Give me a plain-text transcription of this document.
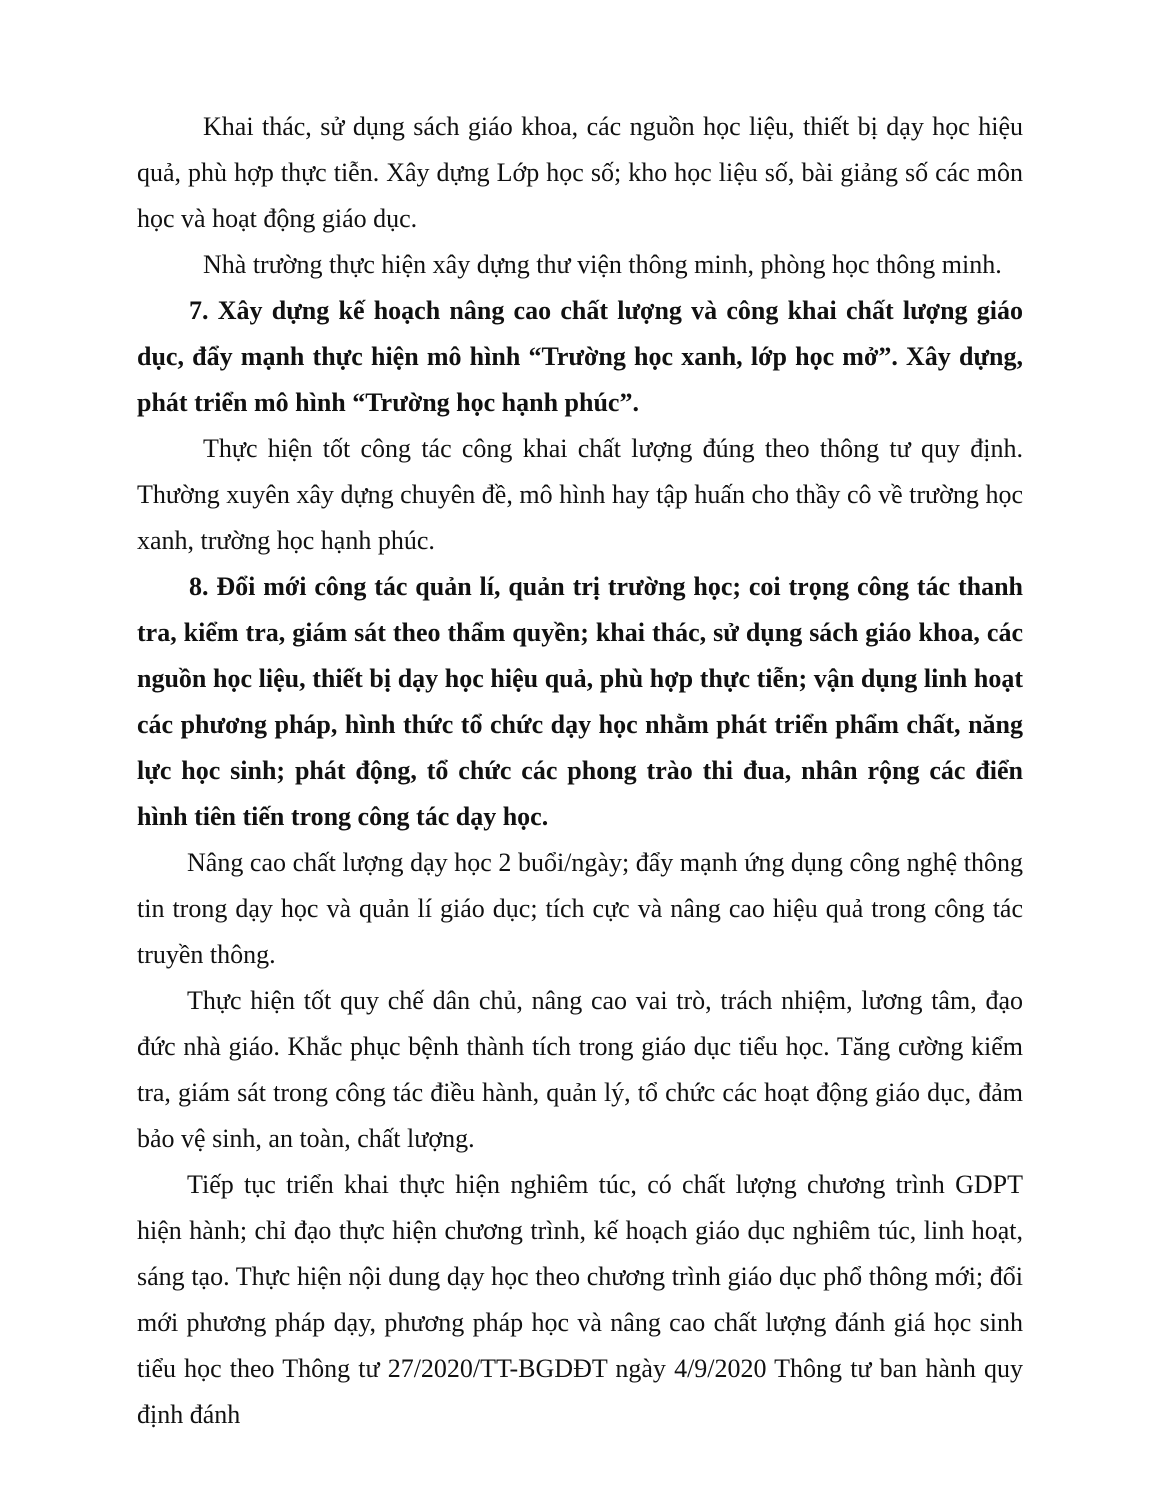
Khai thác, sử dụng sách giáo khoa, các nguồn học liệu, thiết bị dạy học hiệu quả, phù hợp thực tiễn. Xây dựng Lớp học số; kho học liệu số, bài giảng số các môn học và hoạt động giáo dục.

Nhà trường thực hiện xây dựng thư viện thông minh, phòng học thông minh.

7. Xây dựng kế hoạch nâng cao chất lượng và công khai chất lượng giáo dục, đẩy mạnh thực hiện mô hình “Trường học xanh, lớp học mở”. Xây dựng, phát triển mô hình “Trường học hạnh phúc”.

Thực hiện tốt công tác công khai chất lượng đúng theo thông tư quy định. Thường xuyên xây dựng chuyên đề, mô hình hay tập huấn cho thầy cô về trường học xanh, trường học hạnh phúc.

8. Đổi mới công tác quản lí, quản trị trường học; coi trọng công tác thanh tra, kiểm tra, giám sát theo thẩm quyền; khai thác, sử dụng sách giáo khoa, các nguồn học liệu, thiết bị dạy học hiệu quả, phù hợp thực tiễn; vận dụng linh hoạt các phương pháp, hình thức tổ chức dạy học nhằm phát triển phẩm chất, năng lực học sinh; phát động, tổ chức các phong trào thi đua, nhân rộng các điển hình tiên tiến trong công tác dạy học.

Nâng cao chất lượng dạy học 2 buổi/ngày; đẩy mạnh ứng dụng công nghệ thông tin trong dạy học và quản lí giáo dục; tích cực và nâng cao hiệu quả trong công tác truyền thông.

Thực hiện tốt quy chế dân chủ, nâng cao vai trò, trách nhiệm, lương tâm, đạo đức nhà giáo. Khắc phục bệnh thành tích trong giáo dục tiểu học. Tăng cường kiểm tra, giám sát trong công tác điều hành, quản lý, tổ chức các hoạt động giáo dục, đảm bảo vệ sinh, an toàn, chất lượng.

Tiếp tục triển khai thực hiện nghiêm túc, có chất lượng chương trình GDPT hiện hành; chỉ đạo thực hiện chương trình, kế hoạch giáo dục nghiêm túc, linh hoạt, sáng tạo. Thực hiện nội dung dạy học theo chương trình giáo dục phổ thông mới; đổi mới phương pháp dạy, phương pháp học và nâng cao chất lượng đánh giá học sinh tiểu học theo Thông tư 27/2020/TT-BGDĐT ngày 4/9/2020 Thông tư ban hành quy định đánh
